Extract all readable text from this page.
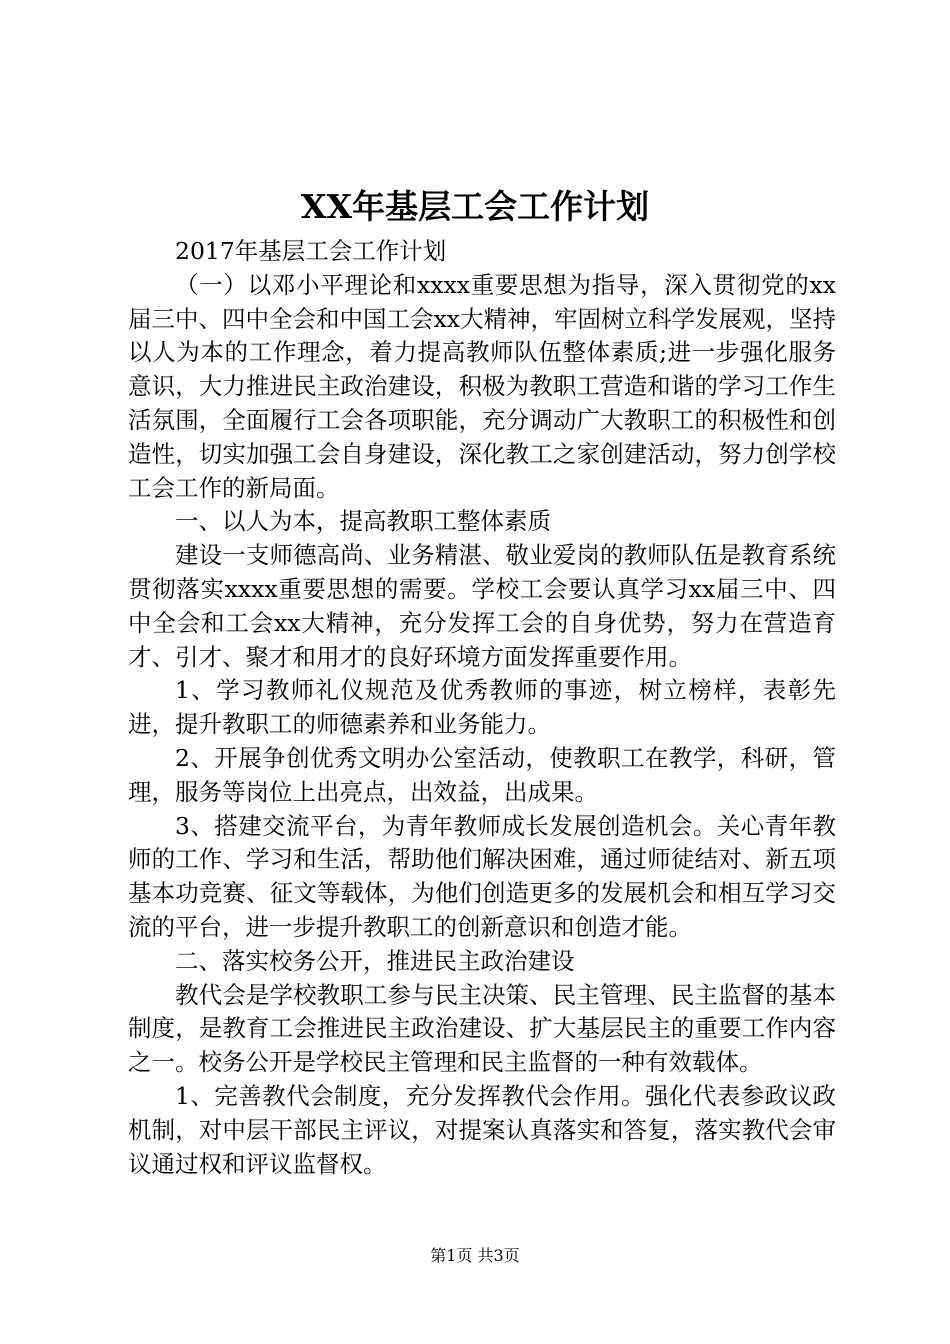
XX年基层工会工作计划

2017年基层工会工作计划

（一）以邓小平理论和xxxx重要思想为指导，深入贯彻党的xx届三中、四中全会和中国工会xx大精神，牢固树立科学发展观，坚持以人为本的工作理念，着力提高教师队伍整体素质;进一步强化服务意识，大力推进民主政治建设，积极为教职工营造和谐的学习工作生活氛围，全面履行工会各项职能，充分调动广大教职工的积极性和创造性，切实加强工会自身建设，深化教工之家创建活动，努力创学校工会工作的新局面。

一、以人为本，提高教职工整体素质

建设一支师德高尚、业务精湛、敬业爱岗的教师队伍是教育系统贯彻落实xxxx重要思想的需要。学校工会要认真学习xx届三中、四中全会和工会xx大精神，充分发挥工会的自身优势，努力在营造育才、引才、聚才和用才的良好环境方面发挥重要作用。

1、学习教师礼仪规范及优秀教师的事迹，树立榜样，表彰先进，提升教职工的师德素养和业务能力。

2、开展争创优秀文明办公室活动，使教职工在教学，科研，管理，服务等岗位上出亮点，出效益，出成果。

3、搭建交流平台，为青年教师成长发展创造机会。关心青年教师的工作、学习和生活，帮助他们解决困难，通过师徒结对、新五项基本功竞赛、征文等载体，为他们创造更多的发展机会和相互学习交流的平台，进一步提升教职工的创新意识和创造才能。

二、落实校务公开，推进民主政治建设

教代会是学校教职工参与民主决策、民主管理、民主监督的基本制度，是教育工会推进民主政治建设、扩大基层民主的重要工作内容之一。校务公开是学校民主管理和民主监督的一种有效载体。

1、完善教代会制度，充分发挥教代会作用。强化代表参政议政机制，对中层干部民主评议，对提案认真落实和答复，落实教代会审议通过权和评议监督权。

第1页 共3页
